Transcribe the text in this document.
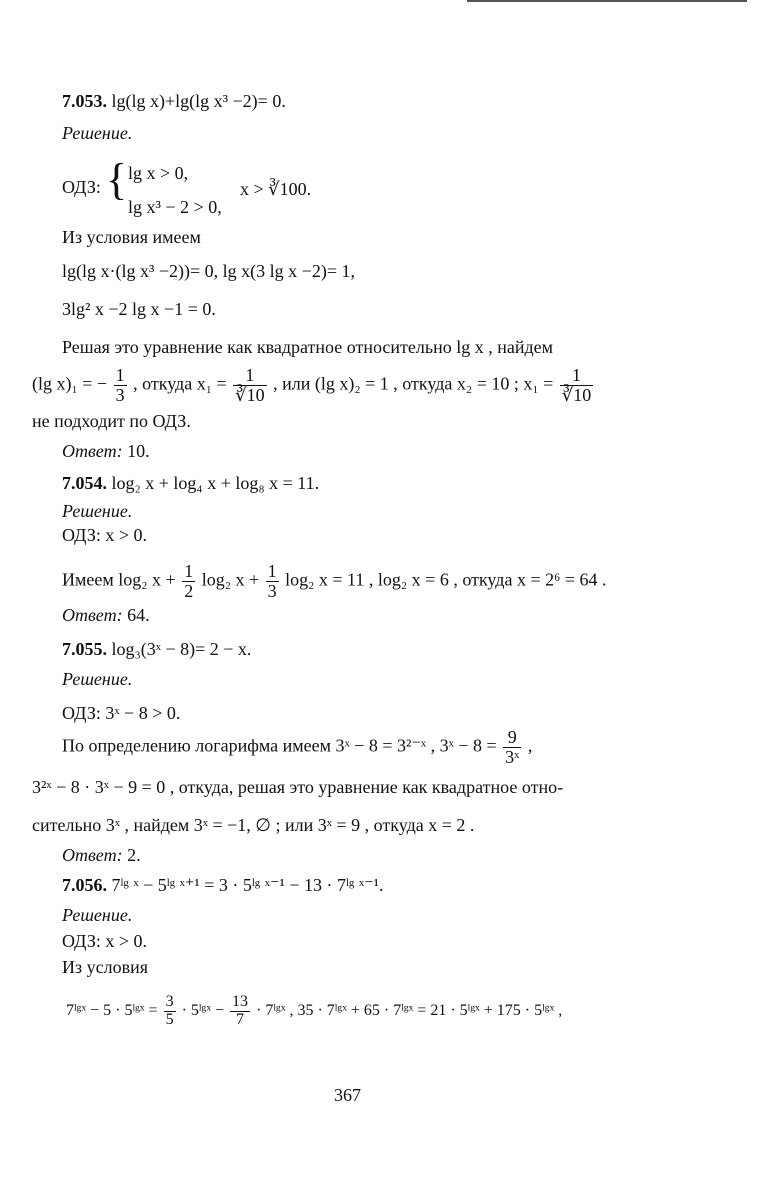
7.053. lg(lg x)+lg(lg x³ −2)= 0.
Решение.
ОДЗ: { lg x > 0,
lg x³ − 2 > 0,
x > ∛100.
Из условия имеем
lg(lg x·(lg x³ −2))= 0, lg x(3 lg x −2)= 1,
3lg² x −2 lg x −1 = 0.
Решая это уравнение как квадратное относительно lg x , найдем
(lg x)₁ = − $\frac{1}{3}$ , откуда $x_1 = \frac{1}{∛10}$ , или (lg x)₂ = 1 , откуда x₂ = 10 ; $x_1 = \frac{1}{∛10}$
не подходит по ОДЗ.
Ответ: 10.
7.054. log₂ x + log₄ x + log₈ x = 11.
Решение.
ОДЗ: x > 0.
Имеем log₂ $x + \frac{1}{2} \log_2$ $x + \frac{1}{3} \log_2$ x = 11 , log₂ x = 6 , откуда x = 2⁶ = 64 .
Ответ: 64.
7.055. log₃(3ˣ − 8)= 2 − x.
Решение.
ОДЗ: 3ˣ − 8 > 0.
По определению логарифма имеем 3ˣ − 8 = 3²⁻ˣ , 3ˣ − $8 = \frac{9}{\text{3ˣ}}$ ,
3²ˣ − 8 · 3ˣ − 9 = 0 , откуда, решая это уравнение как квадратное отно-
сительно 3ˣ , найдем 3ˣ = −1, ∅ ; или 3ˣ = 9 , откуда x = 2 .
Ответ: 2.
7.056. 7ˡᵍ ˣ − 5ˡᵍ ˣ⁺¹ = 3 · 5ˡᵍ ˣ⁻¹ − 13 · 7ˡᵍ ˣ⁻¹.
Решение.
ОДЗ: x > 0.
Из условия
7ˡᵍˣ − 5 · 5ˡᵍˣ = $\frac{3}{5}$ · 5ˡᵍˣ − $\frac{13}{7}$ · 7ˡᵍˣ , 35 · 7ˡᵍˣ + 65 · 7ˡᵍˣ = 21 · 5ˡᵍˣ + 175 · 5ˡᵍˣ ,
367
